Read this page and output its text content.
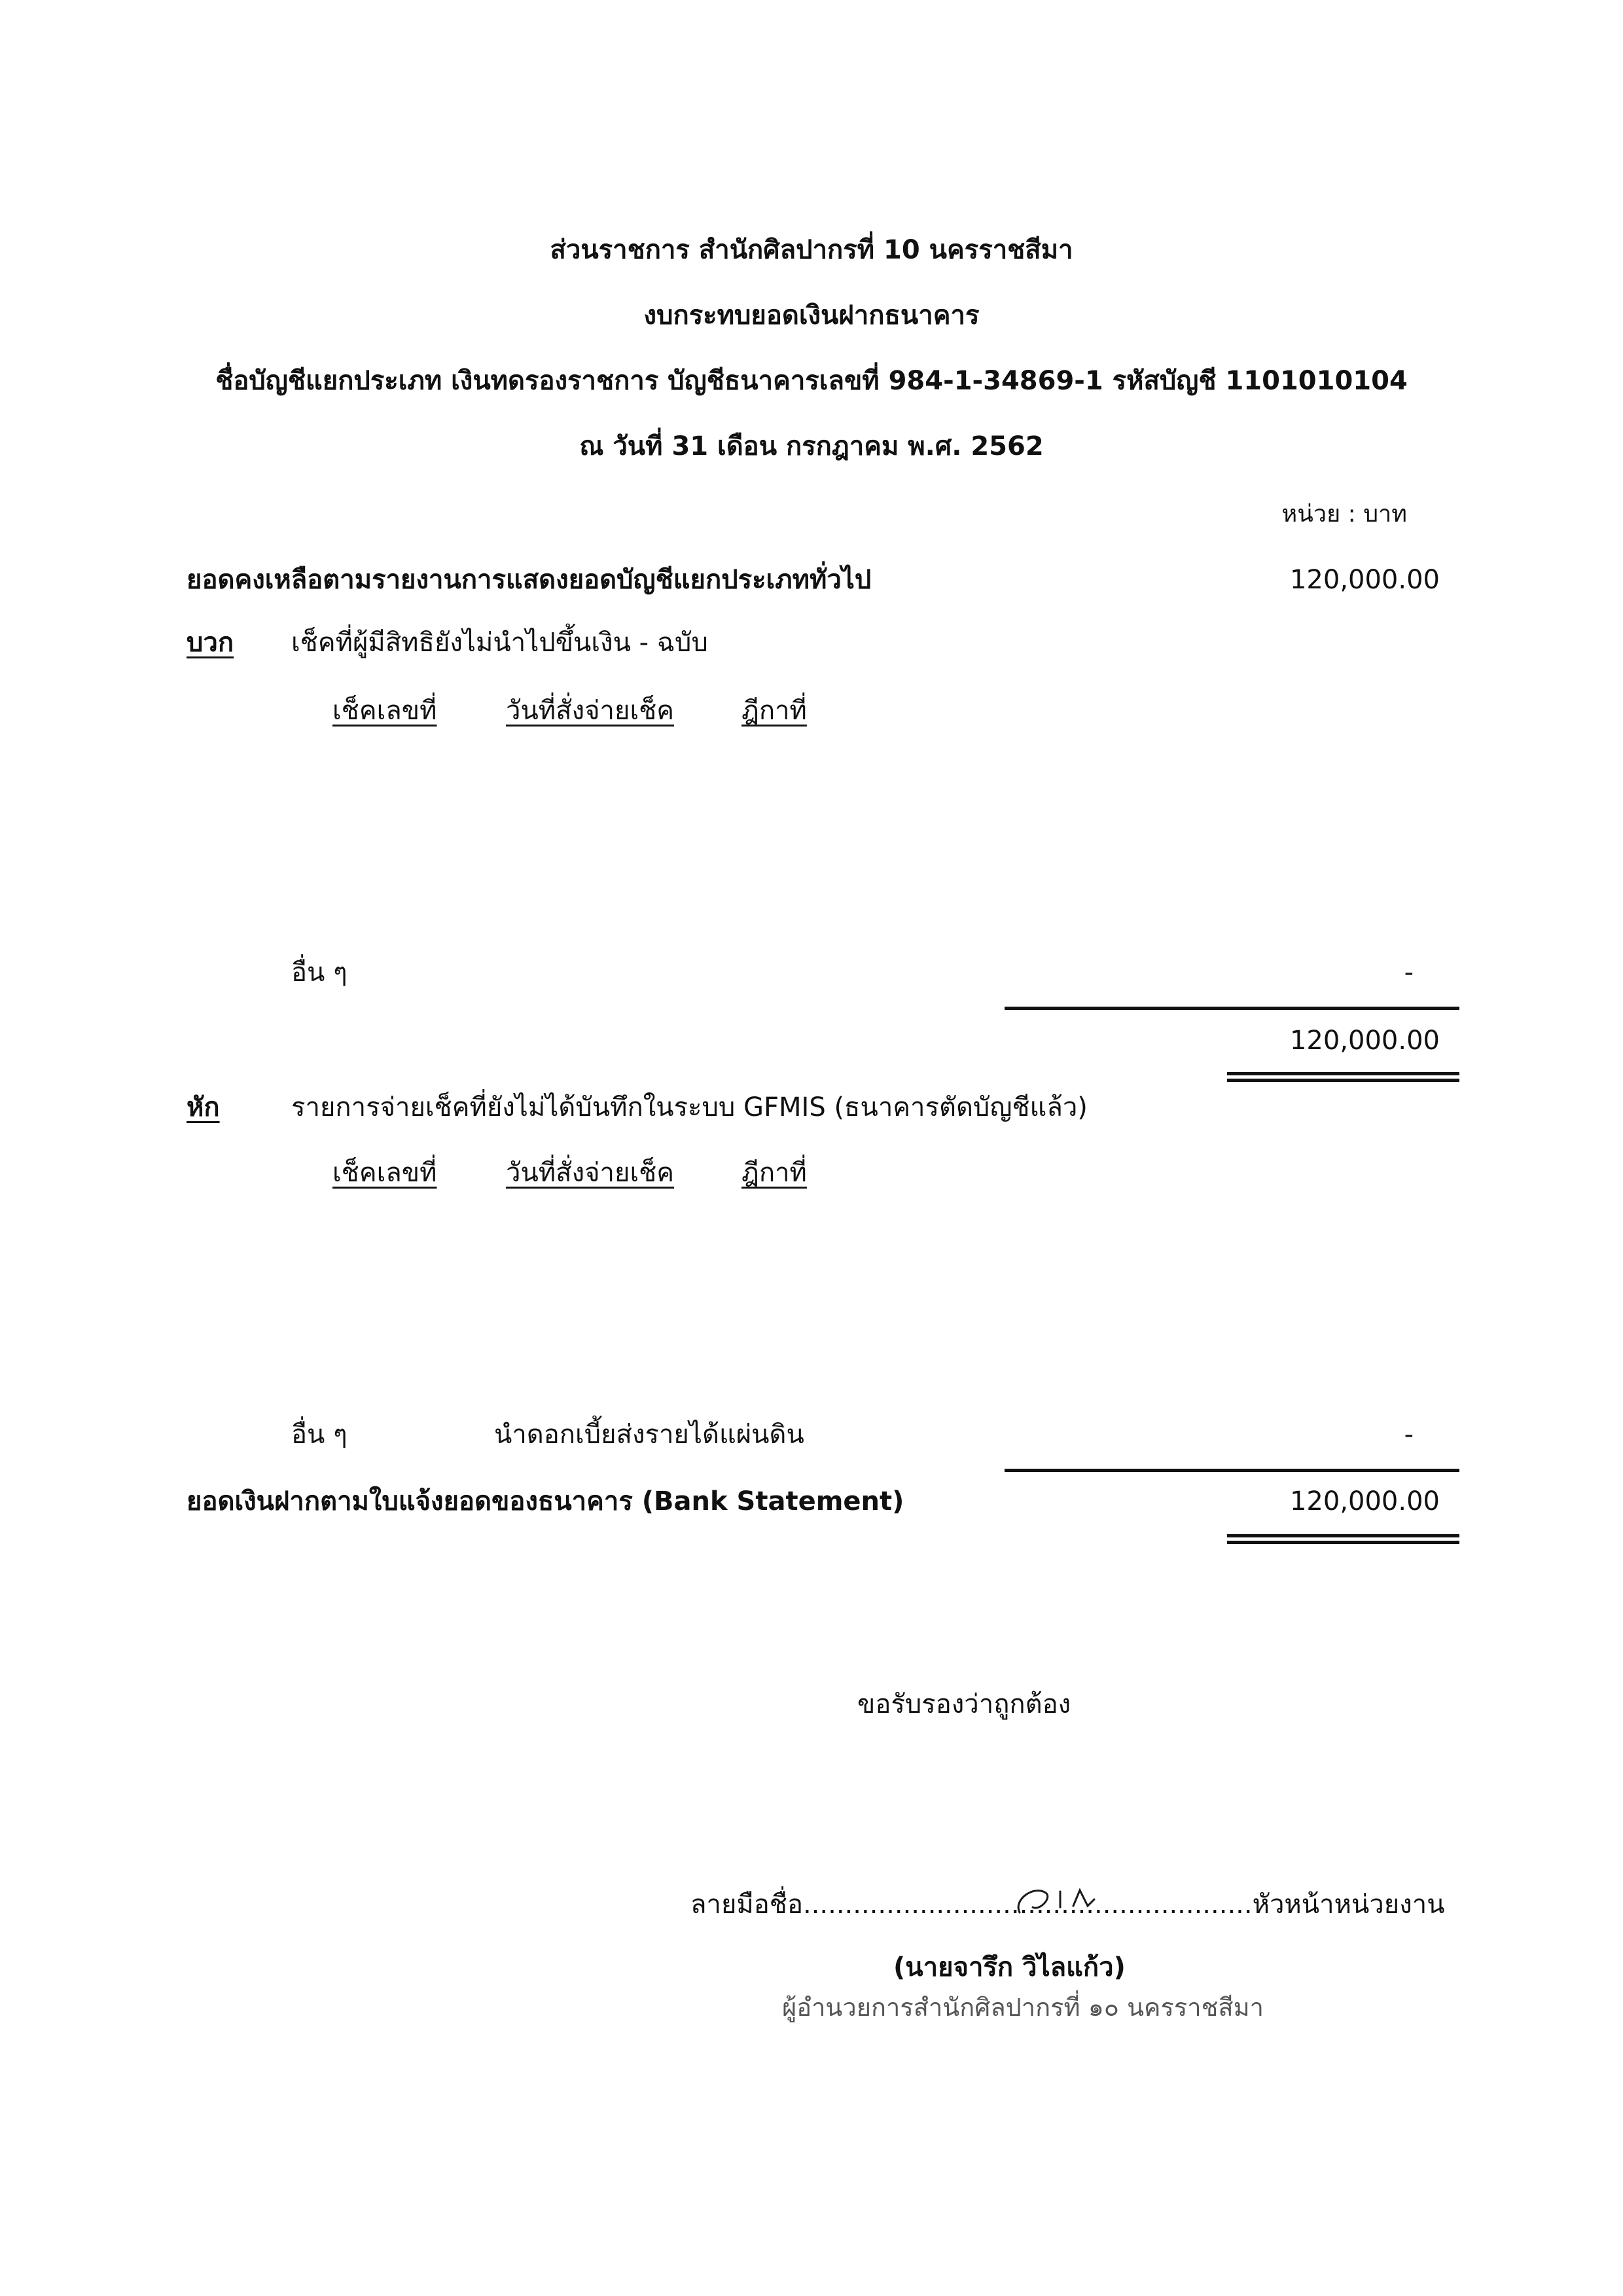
ส่วนราชการ สำนักศิลปากรที่ 10 นครราชสีมา
งบกระทบยอดเงินฝากธนาคาร
ชื่อบัญชีแยกประเภท เงินทดรองราชการ บัญชีธนาคารเลขที่ 984-1-34869-1 รหัสบัญชี 1101010104
ณ วันที่ 31 เดือน กรกฎาคม พ.ศ. 2562
หน่วย : บาท
ยอดคงเหลือตามรายงานการแสดงยอดบัญชีแยกประเภททั่วไป	120,000.00
บวก เช็คที่ผู้มีสิทธิยังไม่นำไปขึ้นเงิน - ฉบับ
เช็คเลขที่	วันที่สั่งจ่ายเช็ค	ฎีกาที่
อื่น ๆ	-
120,000.00
หัก	รายการจ่ายเช็คที่ยังไม่ได้บันทึกในระบบ GFMIS (ธนาคารตัดบัญชีแล้ว)
เช็คเลขที่	วันที่สั่งจ่ายเช็ค	ฎีกาที่
อื่น ๆ	นำดอกเบี้ยส่งรายได้แผ่นดิน	-
ยอดเงินฝากตามใบแจ้งยอดของธนาคาร (Bank Statement)	120,000.00
ขอรับรองว่าถูกต้อง
ลายมือชื่อ......................................................หัวหน้าหน่วยงาน
(นายจารึก วิไลแก้ว)
ผู้อำนวยการสำนักศิลปากรที่ ๑๐ นครราชสีมา
